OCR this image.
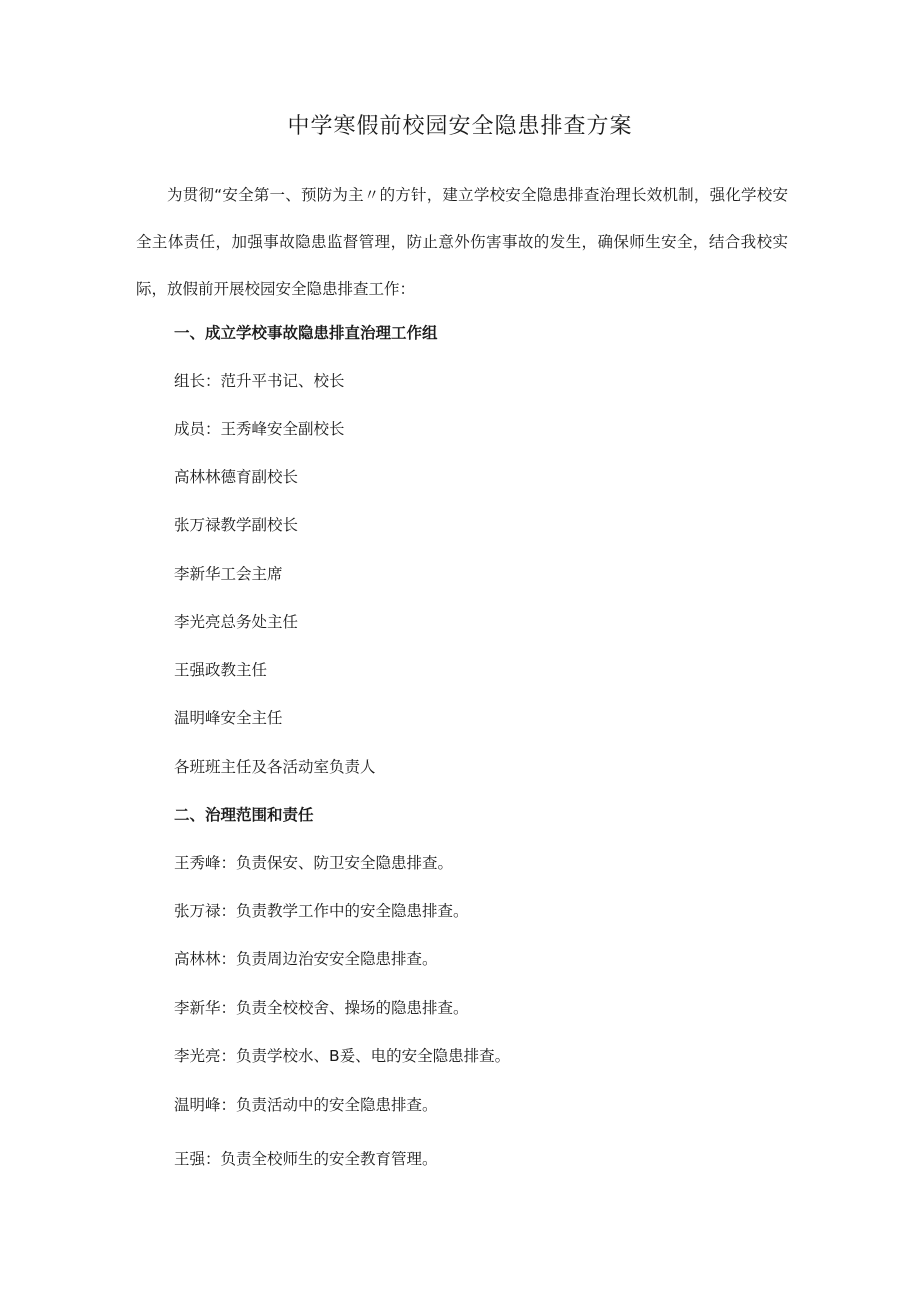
中学寒假前校园安全隐患排查方案

为贯彻“安全第一、预防为主〃的方针，建立学校安全隐患排查治理长效机制，强化学校安全主体责任，加强事故隐患监督管理，防止意外伤害事故的发生，确保师生安全，结合我校实际，放假前开展校园安全隐患排查工作：

一、成立学校事故隐患排直治理工作组

组长：范升平书记、校长

成员：王秀峰安全副校长

高林林德育副校长

张万禄教学副校长

李新华工会主席

李光亮总务处主任

王强政教主任

温明峰安全主任

各班班主任及各活动室负责人

二、治理范围和责任

王秀峰：负责保安、防卫安全隐患排查。

张万禄：负责教学工作中的安全隐患排查。

高林林：负责周边治安安全隐患排查。

李新华：负责全校校舍、操场的隐患排查。

李光亮：负责学校水、B爰、电的安全隐患排查。

温明峰：负责活动中的安全隐患排查。

王强：负责全校师生的安全教育管理。
